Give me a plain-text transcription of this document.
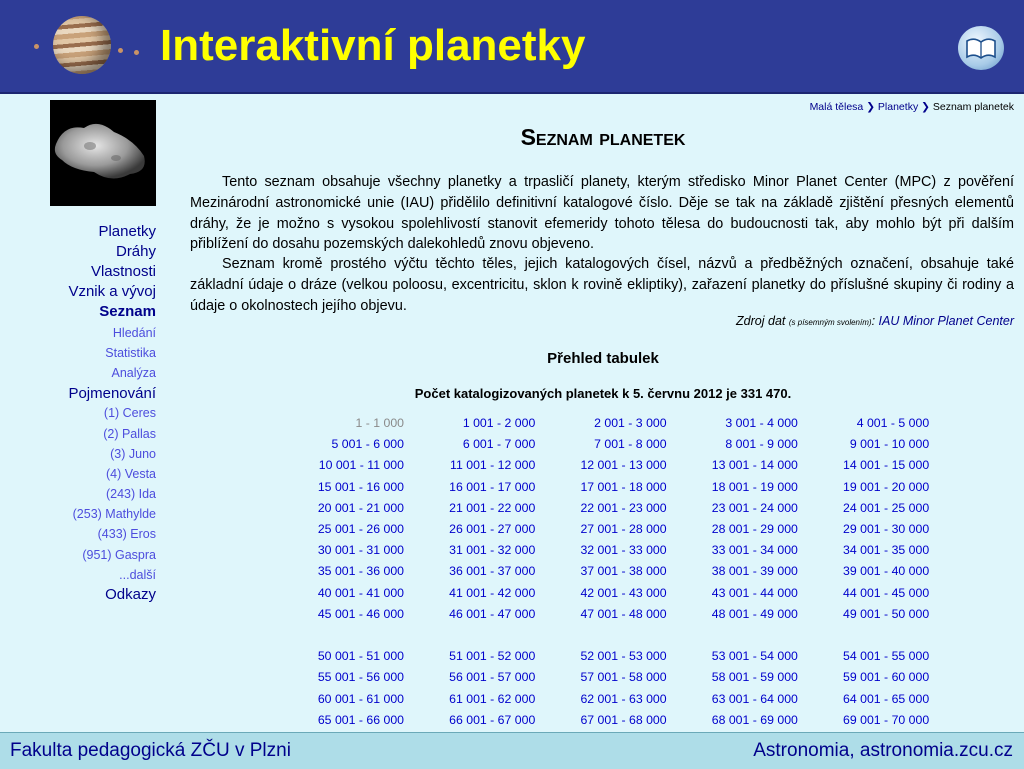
Interaktivní planetky
Planetky
Dráhy
Vlastnosti
Vznik a vývoj
Seznam
Hledání
Statistika
Analýza
Pojmenování
(1) Ceres
(2) Pallas
(3) Juno
(4) Vesta
(243) Ida
(253) Mathylde
(433) Eros
(951) Gaspra
...další
Odkazy
Malá tělesa ❯ Planetky ❯ Seznam planetek
Seznam planetek

Tento seznam obsahuje všechny planetky a trpasličí planety, kterým středisko Minor Planet Center (MPC) z pověření Mezinárodní astronomické unie (IAU) přidělilo definitivní katalogové číslo. Děje se tak na základě zjištění přesných elementů dráhy, že je možno s vysokou spolehlivostí stanovit efemeridy tohoto tělesa do budoucnosti tak, aby mohlo být při dalším přiblížení do dosahu pozemských dalekohledů znovu objeveno.

Seznam kromě prostého výčtu těchto těles, jejich katalogových čísel, názvů a předběžných označení, obsahuje také základní údaje o dráze (velkou poloosu, excentricitu, sklon k rovině ekliptiky), zařazení planetky do příslušné skupiny či rodiny a údaje o okolnostech jejího objevu.

Zdroj dat (s písemným svolením): IAU Minor Planet Center
Přehled tabulek
Počet katalogizovaných planetek k 5. červnu 2012 je 331 470.
1 - 1 000	1 001 - 2 000	2 001 - 3 000	3 001 - 4 000	4 001 - 5 000
5 001 - 6 000	6 001 - 7 000	7 001 - 8 000	8 001 - 9 000	9 001 - 10 000
10 001 - 11 000	11 001 - 12 000	12 001 - 13 000	13 001 - 14 000	14 001 - 15 000
15 001 - 16 000	16 001 - 17 000	17 001 - 18 000	18 001 - 19 000	19 001 - 20 000
20 001 - 21 000	21 001 - 22 000	22 001 - 23 000	23 001 - 24 000	24 001 - 25 000
25 001 - 26 000	26 001 - 27 000	27 001 - 28 000	28 001 - 29 000	29 001 - 30 000
30 001 - 31 000	31 001 - 32 000	32 001 - 33 000	33 001 - 34 000	34 001 - 35 000
35 001 - 36 000	36 001 - 37 000	37 001 - 38 000	38 001 - 39 000	39 001 - 40 000
40 001 - 41 000	41 001 - 42 000	42 001 - 43 000	43 001 - 44 000	44 001 - 45 000
45 001 - 46 000	46 001 - 47 000	47 001 - 48 000	48 001 - 49 000	49 001 - 50 000
50 001 - 51 000	51 001 - 52 000	52 001 - 53 000	53 001 - 54 000	54 001 - 55 000
55 001 - 56 000	56 001 - 57 000	57 001 - 58 000	58 001 - 59 000	59 001 - 60 000
60 001 - 61 000	61 001 - 62 000	62 001 - 63 000	63 001 - 64 000	64 001 - 65 000
65 001 - 66 000	66 001 - 67 000	67 001 - 68 000	68 001 - 69 000	69 001 - 70 000
Fakulta pedagogická ZČU v Plzni	Astronomia, astronomia.zcu.cz
